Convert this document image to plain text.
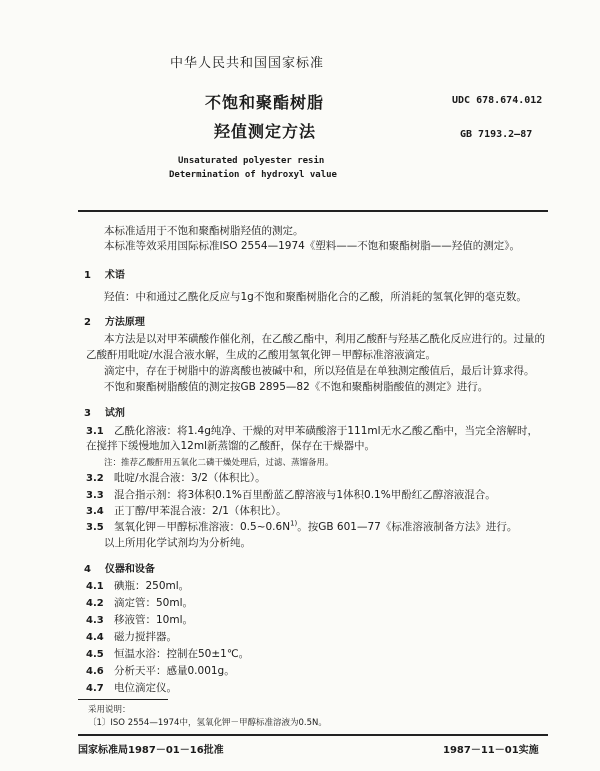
中华人民共和国国家标准
不饱和聚酯树脂
羟值测定方法
UDC 678.674.012
GB 7193.2—87
Unsaturated polyester resin
Determination of hydroxyl value
本标准适用于不饱和聚酯树脂羟值的测定。
本标准等效采用国际标准ISO 2554—1974《塑料——不饱和聚酯树脂——羟值的测定》。
1 术语
羟值：中和通过乙酰化反应与1g不饱和聚酯树脂化合的乙酸，所消耗的氢氧化钾的毫克数。
2 方法原理
本方法是以对甲苯磺酸作催化剂，在乙酸乙酯中，利用乙酸酐与羟基乙酰化反应进行的。过量的
乙酸酐用吡啶/水混合液水解，生成的乙酸用氢氧化钾－甲醇标准溶液滴定。
滴定中，存在于树脂中的游离酸也被碱中和，所以羟值是在单独测定酸值后，最后计算求得。
不饱和聚酯树脂酸值的测定按GB 2895—82《不饱和聚酯树脂酸值的测定》进行。
3 试剂
3.1 乙酰化溶液：将1.4g纯净、干燥的对甲苯磺酸溶于111ml无水乙酸乙酯中，当完全溶解时，
在搅拌下缓慢地加入12ml新蒸馏的乙酸酐，保存在干燥器中。
注：推荐乙酸酐用五氧化二磷干燥处理后，过滤、蒸馏备用。
3.2 吡啶/水混合液：3/2（体积比）。
3.3 混合指示剂：将3体积0.1%百里酚蓝乙醇溶液与1体积0.1%甲酚红乙醇溶液混合。
3.4 正丁醇/甲苯混合液：2/1（体积比）。
3.5 氢氧化钾－甲醇标准溶液：$0.5\sim 0.6N^{1)}$。按GB 601—77《标准溶液制备方法》进行。
以上所用化学试剂均为分析纯。
4 仪器和设备
4.1 碘瓶：250ml。
4.2 滴定管：50ml。
4.3 移液管：10ml。
4.4 磁力搅拌器。
4.5 恒温水浴：控制在50±1℃。
4.6 分析天平：感量0.001g。
4.7 电位滴定仪。
采用说明：
〔1〕ISO 2554—1974中，氢氧化钾－甲醇标准溶液为0.5N。
国家标准局1987－01－16批准	1987－11－01实施
